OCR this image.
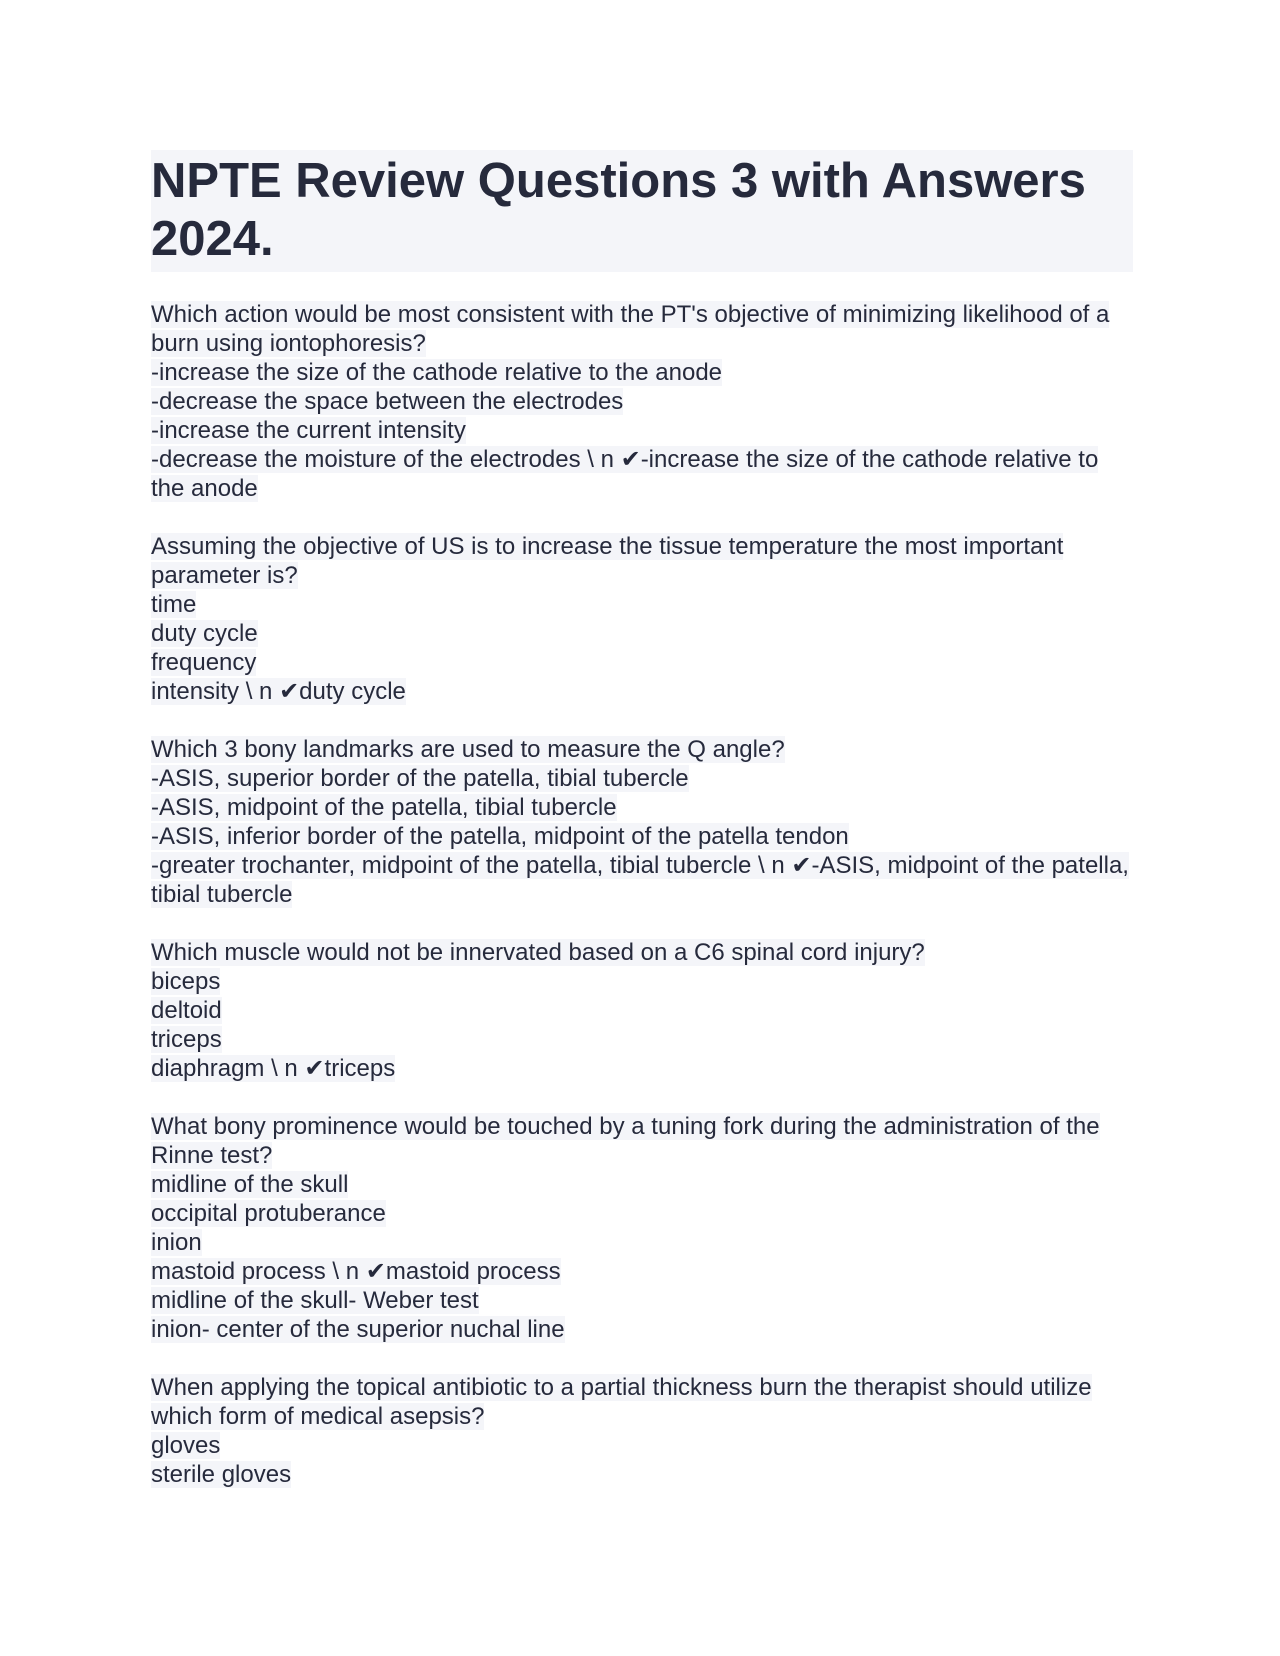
NPTE Review Questions 3 with Answers 2024.
Which action would be most consistent with the PT's objective of minimizing likelihood of a burn using iontophoresis?
-increase the size of the cathode relative to the anode
-decrease the space between the electrodes
-increase the current intensity
-decrease the moisture of the electrodes \ n ✔-increase the size of the cathode relative to the anode
Assuming the objective of US is to increase the tissue temperature the most important parameter is?
time
duty cycle
frequency
intensity \ n ✔duty cycle
Which 3 bony landmarks are used to measure the Q angle?
-ASIS, superior border of the patella, tibial tubercle
-ASIS, midpoint of the patella, tibial tubercle
-ASIS, inferior border of the patella, midpoint of the patella tendon
-greater trochanter, midpoint of the patella, tibial tubercle \ n ✔-ASIS, midpoint of the patella, tibial tubercle
Which muscle would not be innervated based on a C6 spinal cord injury?
biceps
deltoid
triceps
diaphragm \ n ✔triceps
What bony prominence would be touched by a tuning fork during the administration of the Rinne test?
midline of the skull
occipital protuberance
inion
mastoid process \ n ✔mastoid process
midline of the skull- Weber test
inion- center of the superior nuchal line
When applying the topical antibiotic to a partial thickness burn the therapist should utilize which form of medical asepsis?
gloves
sterile gloves
